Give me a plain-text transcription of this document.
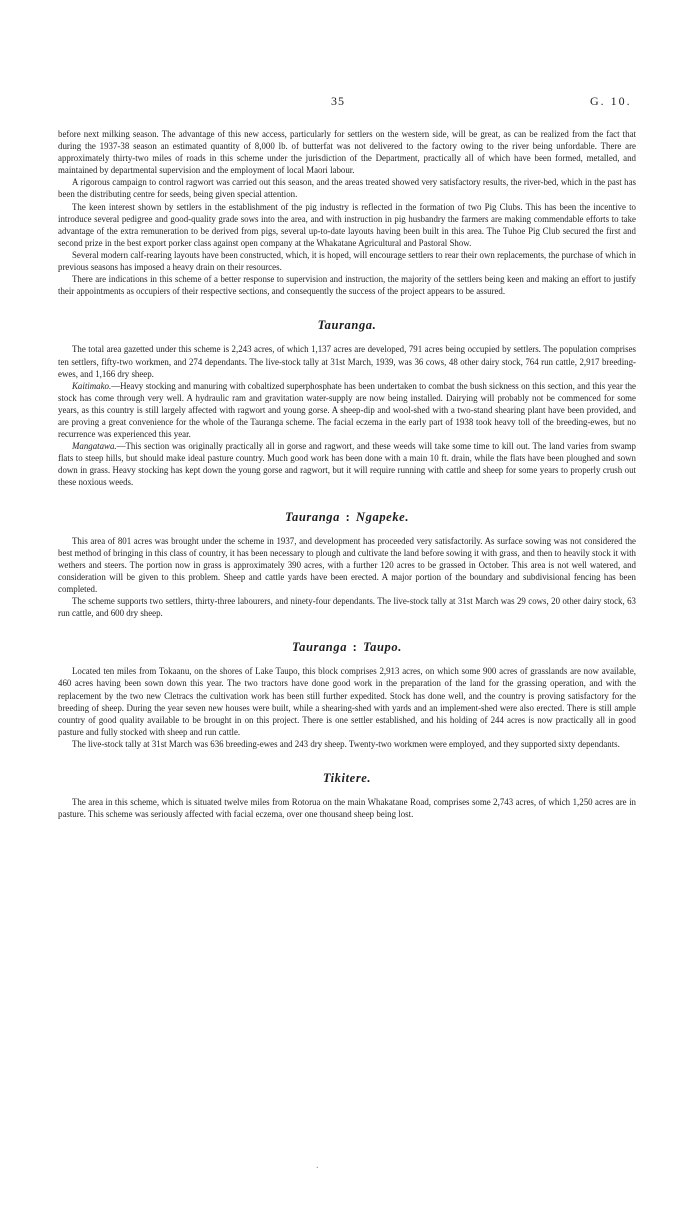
35	G. 10.

before next milking season. The advantage of this new access, particularly for settlers on the western side, will be great, as can be realized from the fact that during the 1937-38 season an estimated quantity of 8,000 lb. of butterfat was not delivered to the factory owing to the river being unfordable. There are approximately thirty-two miles of roads in this scheme under the jurisdiction of the Department, practically all of which have been formed, metalled, and maintained by departmental supervision and the employment of local Maori labour.

A rigorous campaign to control ragwort was carried out this season, and the areas treated showed very satisfactory results, the river-bed, which in the past has been the distributing centre for seeds, being given special attention.

The keen interest shown by settlers in the establishment of the pig industry is reflected in the formation of two Pig Clubs. This has been the incentive to introduce several pedigree and good-quality grade sows into the area, and with instruction in pig husbandry the farmers are making commendable efforts to take advantage of the extra remuneration to be derived from pigs, several up-to-date layouts having been built in this area. The Tuhoe Pig Club secured the first and second prize in the best export porker class against open company at the Whakatane Agricultural and Pastoral Show.

Several modern calf-rearing layouts have been constructed, which, it is hoped, will encourage settlers to rear their own replacements, the purchase of which in previous seasons has imposed a heavy drain on their resources.

There are indications in this scheme of a better response to supervision and instruction, the majority of the settlers being keen and making an effort to justify their appointments as occupiers of their respective sections, and consequently the success of the project appears to be assured.

Tauranga.

The total area gazetted under this scheme is 2,243 acres, of which 1,137 acres are developed, 791 acres being occupied by settlers. The population comprises ten settlers, fifty-two workmen, and 274 dependants. The live-stock tally at 31st March, 1939, was 36 cows, 48 other dairy stock, 764 run cattle, 2,917 breeding-ewes, and 1,166 dry sheep.

Kaitimako.—Heavy stocking and manuring with cobaltized superphosphate has been undertaken to combat the bush sickness on this section, and this year the stock has come through very well. A hydraulic ram and gravitation water-supply are now being installed. Dairying will probably not be commenced for some years, as this country is still largely affected with ragwort and young gorse. A sheep-dip and wool-shed with a two-stand shearing plant have been provided, and are proving a great convenience for the whole of the Tauranga scheme. The facial eczema in the early part of 1938 took heavy toll of the breeding-ewes, but no recurrence was experienced this year.

Mangatawa.—This section was originally practically all in gorse and ragwort, and these weeds will take some time to kill out. The land varies from swamp flats to steep hills, but should make ideal pasture country. Much good work has been done with a main 10 ft. drain, while the flats have been ploughed and sown down in grass. Heavy stocking has kept down the young gorse and ragwort, but it will require running with cattle and sheep for some years to properly crush out these noxious weeds.

Tauranga : Ngapeke.

This area of 801 acres was brought under the scheme in 1937, and development has proceeded very satisfactorily. As surface sowing was not considered the best method of bringing in this class of country, it has been necessary to plough and cultivate the land before sowing it with grass, and then to heavily stock it with wethers and steers. The portion now in grass is approximately 390 acres, with a further 120 acres to be grassed in October. This area is not well watered, and consideration will be given to this problem. Sheep and cattle yards have been erected. A major portion of the boundary and subdivisional fencing has been completed.

The scheme supports two settlers, thirty-three labourers, and ninety-four dependants. The live-stock tally at 31st March was 29 cows, 20 other dairy stock, 63 run cattle, and 600 dry sheep.

Tauranga : Taupo.

Located ten miles from Tokaanu, on the shores of Lake Taupo, this block comprises 2,913 acres, on which some 900 acres of grasslands are now available, 460 acres having been sown down this year. The two tractors have done good work in the preparation of the land for the grassing operation, and with the replacement by the two new Cletracs the cultivation work has been still further expedited. Stock has done well, and the country is proving satisfactory for the breeding of sheep. During the year seven new houses were built, while a shearing-shed with yards and an implement-shed were also erected. There is still ample country of good quality available to be brought in on this project. There is one settler established, and his holding of 244 acres is now practically all in good pasture and fully stocked with sheep and run cattle.

The live-stock tally at 31st March was 636 breeding-ewes and 243 dry sheep. Twenty-two workmen were employed, and they supported sixty dependants.

Tikitere.

The area in this scheme, which is situated twelve miles from Rotorua on the main Whakatane Road, comprises some 2,743 acres, of which 1,250 acres are in pasture. This scheme was seriously affected with facial eczema, over one thousand sheep being lost.

.
